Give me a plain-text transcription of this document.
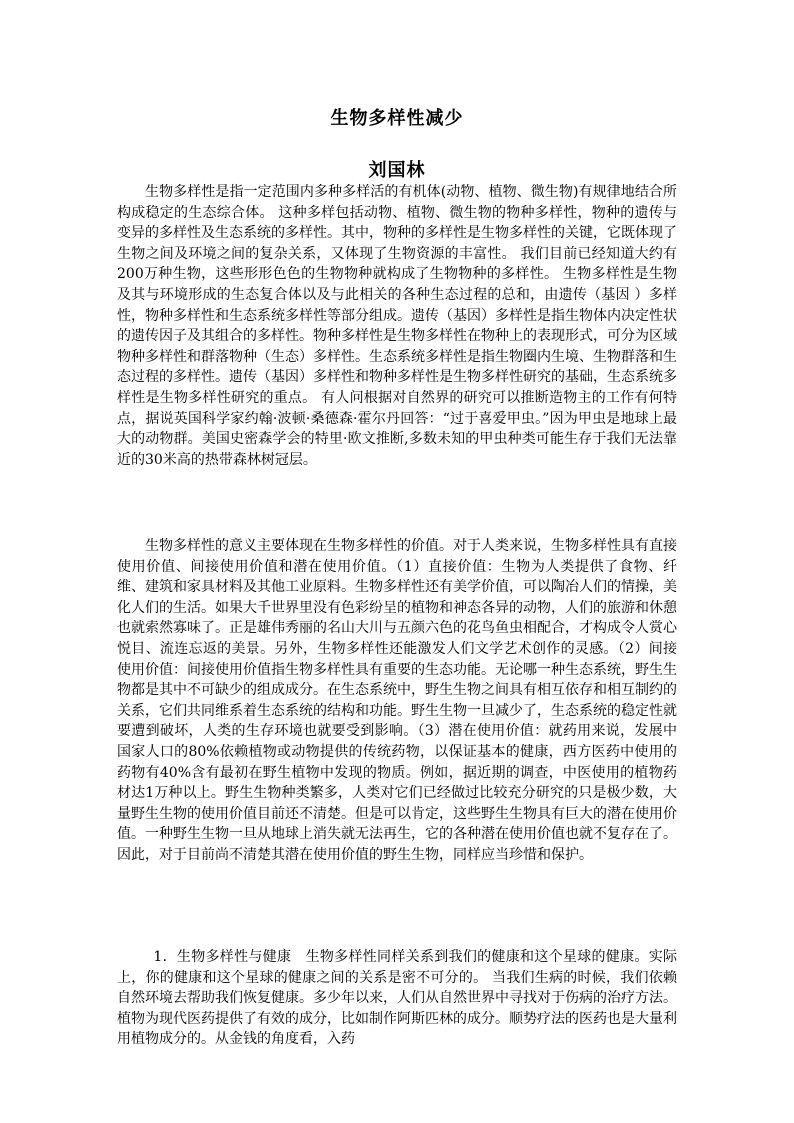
生物多样性减少
刘国林

生物多样性是指一定范围内多种多样活的有机体(动物、植物、微生物)有规律地结合所构成稳定的生态综合体。 这种多样包括动物、植物、微生物的物种多样性，物种的遗传与变异的多样性及生态系统的多样性。其中，物种的多样性是生物多样性的关键，它既体现了生物之间及环境之间的复杂关系，又体现了生物资源的丰富性。 我们目前已经知道大约有200万种生物，这些形形色色的生物物种就构成了生物物种的多样性。 生物多样性是生物及其与环境形成的生态复合体以及与此相关的各种生态过程的总和，由遗传（基因 ）多样性，物种多样性和生态系统多样性等部分组成。遗传（基因）多样性是指生物体内决定性状的遗传因子及其组合的多样性。物种多样性是生物多样性在物种上的表现形式，可分为区域物种多样性和群落物种（生态）多样性。生态系统多样性是指生物圈内生境、生物群落和生态过程的多样性。遗传（基因）多样性和物种多样性是生物多样性研究的基础，生态系统多样性是生物多样性研究的重点。 有人问根据对自然界的研究可以推断造物主的工作有何特点，据说英国科学家约翰·波顿·桑德森·霍尔丹回答：“过于喜爱甲虫。”因为甲虫是地球上最大的动物群。美国史密森学会的特里·欧文推断,多数未知的甲虫种类可能生存于我们无法靠近的30米高的热带森林树冠层。

生物多样性的意义主要体现在生物多样性的价值。对于人类来说，生物多样性具有直接使用价值、间接使用价值和潜在使用价值。（1）直接价值：生物为人类提供了食物、纤维、建筑和家具材料及其他工业原料。生物多样性还有美学价值，可以陶冶人们的情操，美化人们的生活。如果大千世界里没有色彩纷呈的植物和神态各异的动物，人们的旅游和休憩也就索然寡味了。正是雄伟秀丽的名山大川与五颜六色的花鸟鱼虫相配合，才构成令人赏心悦目、流连忘返的美景。另外，生物多样性还能激发人们文学艺术创作的灵感。（2）间接使用价值：间接使用价值指生物多样性具有重要的生态功能。无论哪一种生态系统，野生生物都是其中不可缺少的组成成分。在生态系统中，野生生物之间具有相互依存和相互制约的关系，它们共同维系着生态系统的结构和功能。野生生物一旦减少了，生态系统的稳定性就要遭到破坏，人类的生存环境也就要受到影响。（3）潜在使用价值：就药用来说，发展中国家人口的80%依赖植物或动物提供的传统药物，以保证基本的健康，西方医药中使用的药物有40%含有最初在野生植物中发现的物质。例如，据近期的调查，中医使用的植物药材达1万种以上。野生生物种类繁多，人类对它们已经做过比较充分研究的只是极少数，大量野生生物的使用价值目前还不清楚。但是可以肯定，这些野生生物具有巨大的潜在使用价值。一种野生生物一旦从地球上消失就无法再生，它的各种潜在使用价值也就不复存在了。因此，对于目前尚不清楚其潜在使用价值的野生生物，同样应当珍惜和保护。

1．生物多样性与健康　生物多样性同样关系到我们的健康和这个星球的健康。实际上，你的健康和这个星球的健康之间的关系是密不可分的。 当我们生病的时候，我们依赖自然环境去帮助我们恢复健康。多少年以来，人们从自然世界中寻找对于伤病的治疗方法。植物为现代医药提供了有效的成分，比如制作阿斯匹林的成分。顺势疗法的医药也是大量利用植物成分的。从金钱的角度看，入药
